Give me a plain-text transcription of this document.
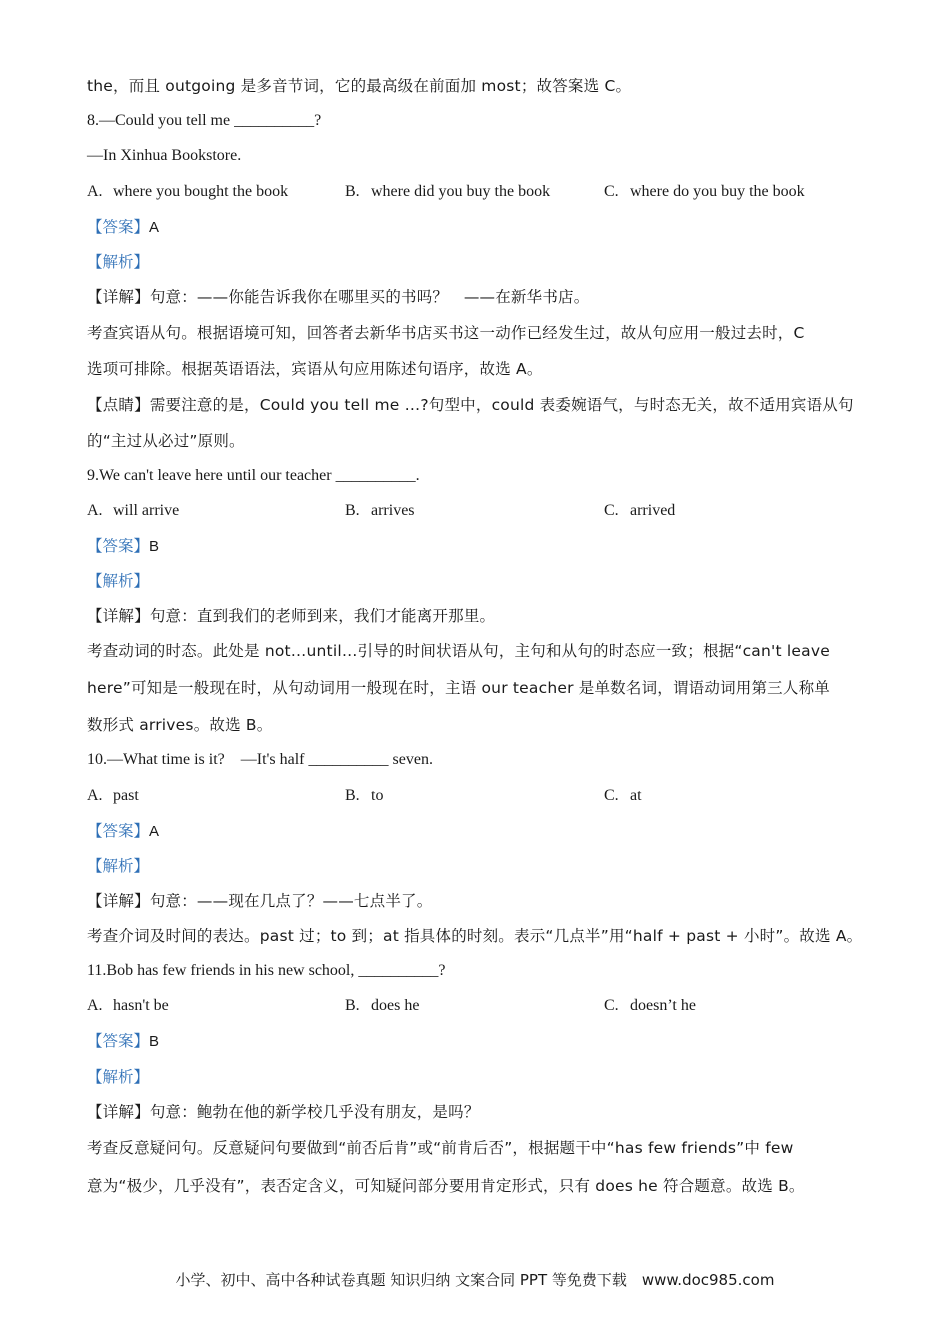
the，而且 outgoing 是多音节词，它的最高级在前面加 most；故答案选 C。
8.—Could you tell me __________?
—In Xinhua Bookstore.
A. where you bought the book	B. where did you buy the book	C. where do you buy the book
【答案】A
【解析】
【详解】句意：——你能告诉我你在哪里买的书吗？　——在新华书店。
考查宾语从句。根据语境可知，回答者去新华书店买书这一动作已经发生过，故从句应用一般过去时，C
选项可排除。根据英语语法，宾语从句应用陈述句语序，故选 A。
【点睛】需要注意的是，Could you tell me …?句型中，could 表委婉语气，与时态无关，故不适用宾语从句
的“主过从必过”原则。
9.We can't leave here until our teacher __________.
A. will arrive	B. arrives	C. arrived
【答案】B
【解析】
【详解】句意：直到我们的老师到来，我们才能离开那里。
考查动词的时态。此处是 not…until…引导的时间状语从句，主句和从句的时态应一致；根据“can't leave
here”可知是一般现在时，从句动词用一般现在时，主语 our teacher 是单数名词，谓语动词用第三人称单
数形式 arrives。故选 B。
10.—What time is it?　—It's half __________ seven.
A. past	B. to	C. at
【答案】A
【解析】
【详解】句意：——现在几点了？——七点半了。
考查介词及时间的表达。past 过；to 到；at 指具体的时刻。表示“几点半”用“half + past + 小时”。故选 A。
11.Bob has few friends in his new school, __________?
A. hasn't be	B. does he	C. doesn’t he
【答案】B
【解析】
【详解】句意：鲍勃在他的新学校几乎没有朋友，是吗？
考查反意疑问句。反意疑问句要做到“前否后肯”或“前肯后否”，根据题干中“has few friends”中 few
意为“极少，几乎没有”，表否定含义，可知疑问部分要用肯定形式，只有 does he 符合题意。故选 B。
小学、初中、高中各种试卷真题 知识归纳 文案合同 PPT 等免费下载　www.doc985.com
